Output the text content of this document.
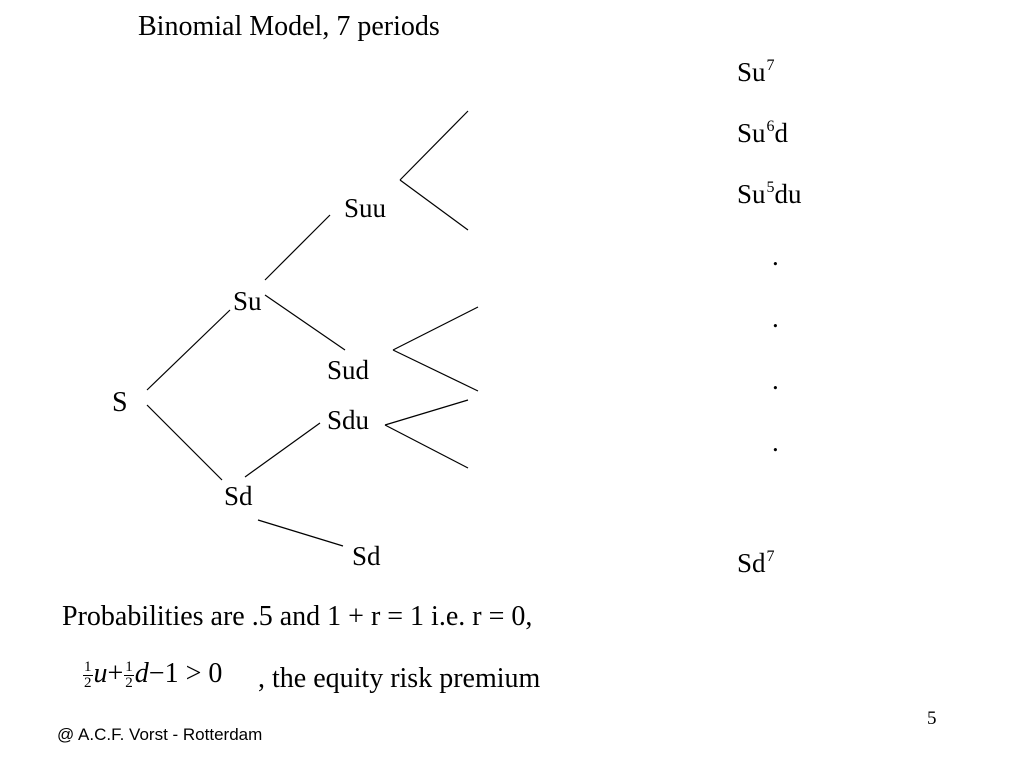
Binomial Model, 7 periods
S
Su
Sd
Suu
Sud
Sdu
Sd
Su$^7$
Su$^6$d
Su$^5$du
.
.
.
.
Sd$^7$
Probabilities are .5 and 1 + r = 1 i.e. r = 0,
$\frac{1}{2} u+ \frac{1}{2} d-1 > 0$ , the equity risk premium
@ A.C.F. Vorst - Rotterdam
5
